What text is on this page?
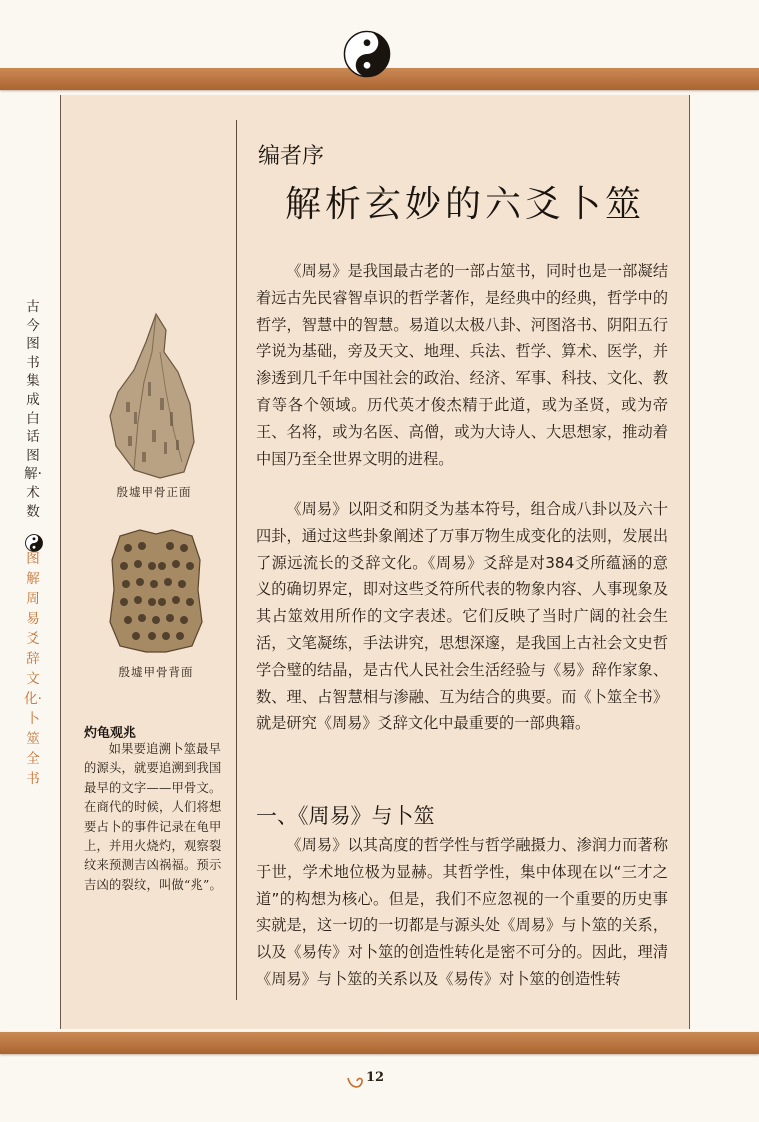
古今图书集成白话图解·术数
图解周易爻辞文化·卜筮全书
殷墟甲骨正面
殷墟甲骨背面
灼龟观兆
如果要追溯卜筮最早的源头，就要追溯到我国最早的文字——甲骨文。在商代的时候，人们将想要占卜的事件记录在龟甲上，并用火烧灼，观察裂纹来预测吉凶祸福。预示吉凶的裂纹，叫做“兆”。
编者序
解析玄妙的六爻卜筮
《周易》是我国最古老的一部占筮书，同时也是一部凝结着远古先民睿智卓识的哲学著作，是经典中的经典，哲学中的哲学，智慧中的智慧。易道以太极八卦、河图洛书、阴阳五行学说为基础，旁及天文、地理、兵法、哲学、算术、医学，并渗透到几千年中国社会的政治、经济、军事、科技、文化、教育等各个领域。历代英才俊杰精于此道，或为圣贤，或为帝王、名将，或为名医、高僧，或为大诗人、大思想家，推动着中国乃至全世界文明的进程。
《周易》以阳爻和阴爻为基本符号，组合成八卦以及六十四卦，通过这些卦象阐述了万事万物生成变化的法则，发展出了源远流长的爻辞文化。《周易》爻辞是对384爻所蕴涵的意义的确切界定，即对这些爻符所代表的物象内容、人事现象及其占筮效用所作的文字表述。它们反映了当时广阔的社会生活，文笔凝练，手法讲究，思想深邃，是我国上古社会文史哲学合璧的结晶，是古代人民社会生活经验与《易》辞作家象、数、理、占智慧相与渗融、互为结合的典要。而《卜筮全书》就是研究《周易》爻辞文化中最重要的一部典籍。
一、《周易》与卜筮
《周易》以其高度的哲学性与哲学融摄力、渗润力而著称于世，学术地位极为显赫。其哲学性，集中体现在以“三才之道”的构想为核心。但是，我们不应忽视的一个重要的历史事实就是，这一切的一切都是与源头处《周易》与卜筮的关系，以及《易传》对卜筮的创造性转化是密不可分的。因此，理清《周易》与卜筮的关系以及《易传》对卜筮的创造性转
12
